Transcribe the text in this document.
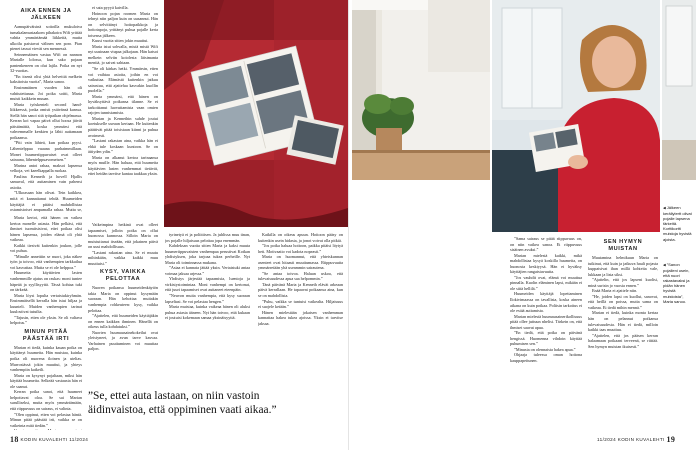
AIKA ENNEN JA JÄLKEEN

Aamupäiväisinä soitoilla mukuloiva tumakalamustaakom pihakoira Wifi yrittää vahtia ymmärtämää liikkeitä, mutta ulkoilu paistavat välinen sen poro. Pian pienet tassut vievät sen mennessä.

Seinnemäinen vastaa Wifi on nannon Marialle lolossa, kun sako pojaan pantenkeneen on olut lajila. Poika on nyt 32-vuotias.

”En itsenä olisi yhtä helvettiä melkein kaksitoista vuotta”, Maria sanoo.

Ensimmäinen vuoden hän oli vahtiutettanaa. Joi poika soitti, Maria muisti kaikkein muuan.

Maria työskenteli second hand-liikkeessä, jonka omisti ystävänsä kanssa. Siellä hän sanoi sitä työpaikan ohjelmassa. Kerran koi vapaa päivä ollut hoosa jäivät päistämättä, koska ymmärsi että vahvemmalle kenkien ja lähti auttamaan poikaansa.

”Piti vain lähteä, kun poikaa pyysi. Lähentelppua vuaana parhaimmillaan. Monet huumeriippuvaiset ovat olleet sairaana, lähentelppuavomeisen.”

Marina antoi rahaa, maksoi lapsensa velkoja, vei kaeelkappalla ruokaa.

Paulina Kenneth ja hovell Hjallis samuval, että auttaminen vain pahensi asioita.

”Ulkoasaan hän olivat. Tein kaikkea, mitä ei kannattanut tehdä. Huumeiden käyttäjiä ei pitäisi mahdollistaa ostamistoiset ampumalla rahaa. Mutta se,

Maria kertoi, että hänen on vaikea kertoa monelle asiasta. Hän pelkäsi, että ihmiset tuomitsisivat, ettei poikaa olisi hänen lapsensa, joiden elämä oli yhtä vaikeaa.

Kaikki tiesivät kuitenkin joukon, jolle voi puhua.

”Minulle annettiin se nuori, joka näkee työn ja toivoo, että vanhempien tarkkailua voi kasvattaa. Mutta se ei ole helppoa.”

Huumeita käyttävien lasten vanhemmille ajatus on raskas: moni tuntee häpeää ja syyllisyyttä. Tässä kohtaa tuki on tärkeää.

Maria löysi lopulta vertaistukiryhmän. Ensimmäisellä kerralla hän istui hiljaa ja kuunteli. Muiden vanhempien tarinat kuulostivat tutuilta.

”Tajusin, etten ole yksin. Se oli valtava helpotus.”

MINUN PITÄÄ PÄÄSTÄÄ IRTI

Marian ei tiedä, kuinka kauan poika on käyttänyt huumeita. Hän muistaa, kuinka poika oli nuorena iloinen ja utelias. Murrosiässä jokin muuttui, ja yhteys vanhempiin katkeili.

Maria on kysynyt pojaltaan, miksi hän käyttää huumeita. Selkeää vastausta hän ei ole saanut.

Kerran poika sanoi, että huumeet helpottavat oloa. Se sai Marian surulliseksi, mutta myös ymmärtämään, että riippuvuus on sairaus, ei valinta.

”Olen oppinut, etten voi pelastaa häntä. Minun pitää päästää irti, vaikka se on vaikeinta mitä tiedän.”

ei sata pyyyä kaivilla.

Hoinoon pojan roomen Maria on tehnyt niin paljon kuin on uusannut. Hän on selvittänyt hoitopaikkoja ja hoitotapoja, yrittänyt puhua pojalle kerta toisensa jälkeen.

Kuusi vuotta sitten jokin muuttui.

Maria istui sohvalla, mistä mistä Wifi nyt uusinaan viupaa jalkojaan. Hän katsoi melkein selviin koiolesta läisimanta mentiä, jo saivat sahtaan.

”Se oli kärkas hetki. Ymmärsin, etten voi vaihtaa asioita, joihin en voi vaikuttaa. Elämästä kuitenkin jatkuu sairastuu, että ajattelua kasvakin kuollin puolella.”

Maria ymmärsi, että hänen on hyväksyttävä poikansa tilanne. Se ei tarkoittanut luovuttamista vaan omien rajojen tunnistamista.

Marian ja Kennethin suhde joutui koetukselle useaan kertaan. He kuitenkin päättivät pitää toisistaan kiinni ja puhua avoimesti.

”Lastani rakastan aina, vaikka hän ei ehkä tule koskaan kuntoon. Se on äitiyden ydin.”

Maria on alkanut kertoa tarinaansa myös muille. Hän haluaa, että huumeita käyttävien lasten vanhemmat tietävät, ettei heidän tarvitse kantaa taakkaa yksin.

Vaikeimpina hetkinä ovat olleet tapaamiset, jolloin poika on ollut huonossa kunnossa. Silloin Maria on muistuttanut itseään, että jokainen päivä on uusi mahdollisuus.

”Lastani rakastan aina. Se ei muutu mihinkään, vaikka kaikki muu muuttuisi.”

KYSY, VAIKKA PELOTTAA

Nuoren poikansa huumeidenkäytön takia Maria on oppinut kysymään suoraan. Hän kehottaa muitakin vanhempia rohkeuteen: kysy, vaikka pelottaa.

”Ajattelen, että huumeiden käyttäjäkin on ennen kaikkea ihminen. Hänellä on oikeus tulla kohdatuksi.”

Nuorten huumausainekokeilut ovat yleistyneet, ja avun tarve kasvaa. Varhainen puuttuminen voi muuttaa paljon.

”Se, ettei auta lastaan, on niin vastoin äidinvaistoa, että oppiminen vaati aikaa.”

tyrinetyä ei ja poliittisen. Ja juhlissa muu tinan, jos pojalle hiljaisuus pelottaa jopa enemmän.

Kahdeksan vuotta sitten Maria ja kaksi muuta huumeriippuvaisten vanhempaa perustivat Kotkan yhdistyksen, joka tarjoaa tukea perheille. Nyt Maria oli toiminnassa mukana.

”Asiaa ei kannata jättää yksin. Vertaistuki antaa voimaa jaksaa arjessa.”

Yhdistys järjestää tapaamisia, luentoja ja virkistystoimintaa. Moni vanhempi on kertonut, että juuri tapaamiset ovat auttaneet eteenpäin.

”Neuvon muita vanhempia, että kysy suoraan lapseltasi. Se voi pelastaa hengen.”

Maria muistaa, kuinka vaikeaa hänen oli aluksi puhua asiasta ääneen. Nyt hän toivoo, että kukaan ei joutuisi kokemaan samaa yksinäisyyttä.

Kaikilla on oikeus apuun. Hoitoon pääsy on kuitenkin usein hidasta, ja jonot voivat olla pitkiä.

”Jos poika haluaa hoitoon, paikka pitäisi löytyä heti. Motivaatio voi kadota nopeasti.”

Maria on huomannut, että yhteiskunnan asenteet ovat hitaasti muuttumassa. Riippuvuutta ymmärretään yhä useammin sairautena.

”Se antaa toivoa. Haluan uskoa, että tulevaisuudessa apua saa helpommin.”

Tänä päivänä Maria ja Kenneth elävät arkeaan päivä kerrallaan. He tapaavat poikaansa aina, kun se on mahdollista.

”Puhu, vaikka se tuntuisi vaikealta. Hiljaisuus ei suojele ketään.”

Hänen mielestään jokaisen vanhemman kannattaa hakea tukea ajoissa. Yksin ei tarvitse jaksaa.

18 KODIN KUVALEHTI 11/2024
◀ Jälkeen kerällylertt olivat pojalle lapsena tärkeitä. Korttikortti muistoja hyvistä ajoista.
◀ ”Sanon pojalleni usein, että nuori rakastavaksi ja pidän hänen hyvistä muistoista”, Maria sanoo.

”Sama sairaus se pitää riippuvuus on, on niin vaikea sanoa. Ei riippuvuus sisäinen avuksi.”

Marian mielestä kaikki, mikä mahdollistaa kysyä koskilla huumeita, on huonosta keskiyysä. Hän ei hyväksy käyttäjien rangaistavuutta.

”Jos vauhdit ovat, elämä voi muuttua pinnalla. Kuolin eläminen lapsi, mikään ei ole siitä hellilä.”

Huumeiden käyttäjä lopettaminen Ilokivimaassa on tavallista, koska aineen aikana on kuin poikaa. Poliisin tarkoitus ei ole estää auttamista.

Marian mielestä huumausainerikollisuus pitää ollee juttuun nhelisi. Tärkein on, että ihmiset saavat apua.

”En tiedä, että poika on päivänä hengissä. Huomenna vihdoin käyttää puhumisen sen.”

”Minusta on olennaista hakea apua.”

Ohjaaja tuleessa oman hoitona kauppapeitunen.

SEN HYMYN MUISTAN

Muutamina helmikuun Maria on tutkinut, että kuin ja jatkuva hauli pojasta kuppaisivat ihan millä kohteita vale, lukkaan ja lista siksi.

”Ajattelin, että jos lapseni kuolisi, minä surisin jo vuosia ennen.”

Enää Maria ei ajattele niin.

”He, joiden lapsi on kuollut, sanovat, että heillä on poissa, mutta sama on vaikeaa. Ei tiedä mihin mennä.”

Marian ei tiedä, kuinka monta kertaa hän on pelannut poikansa tulevaisuudesta. Hän ei tiedä, milloin kaikki taas muuttuu.

”Ajattelen, että jos pääsen kerran halaamaan poikaani terveenä, se riittää. Sen hymyn muistan ikuisesti.”

11/2024 KODIN KUVALEHTI 19
